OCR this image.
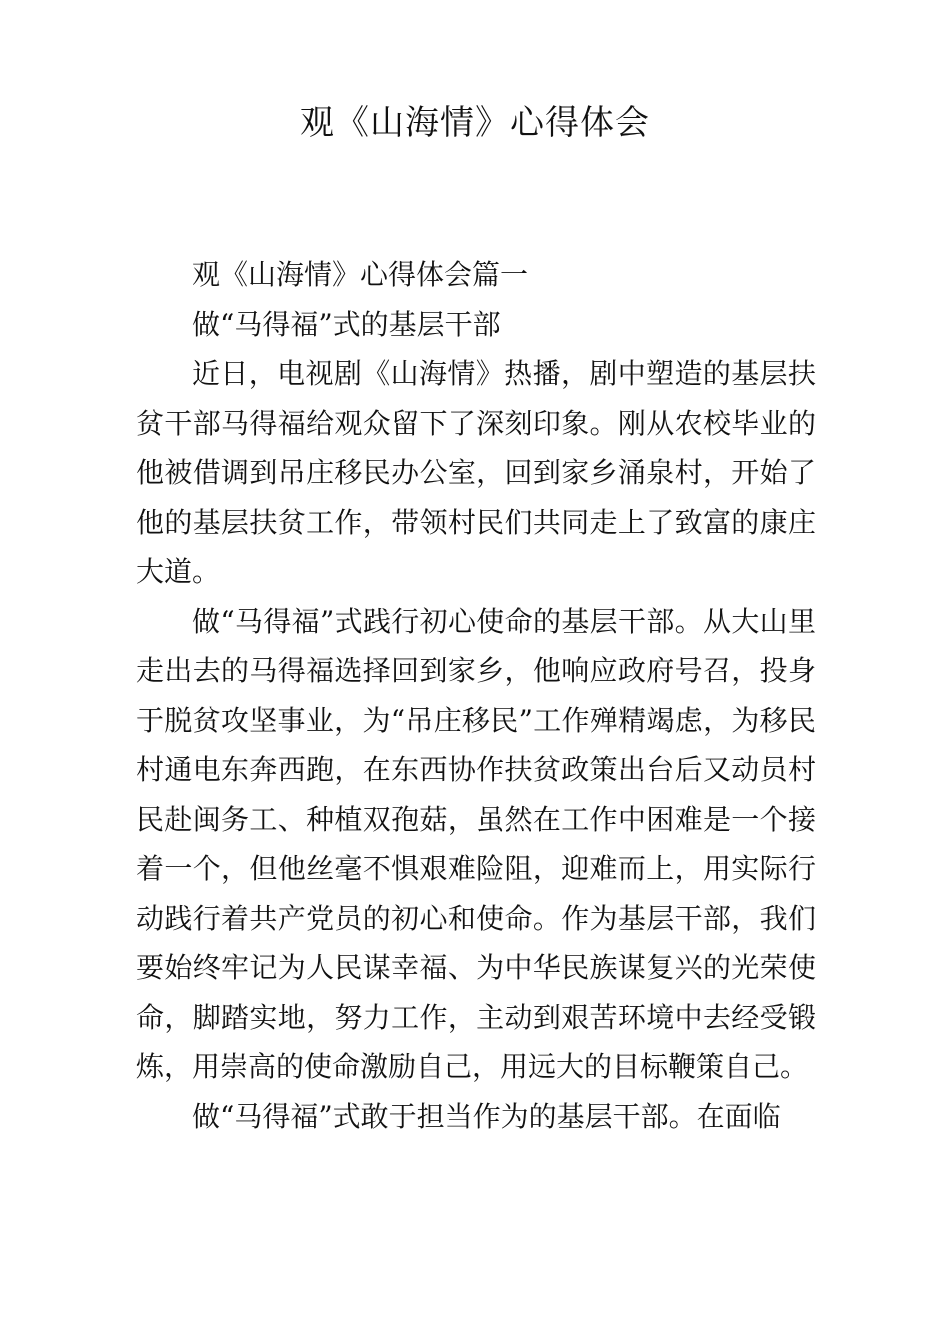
观《山海情》心得体会

观《山海情》心得体会篇一

做“马得福”式的基层干部

近日，电视剧《山海情》热播，剧中塑造的基层扶贫干部马得福给观众留下了深刻印象。刚从农校毕业的他被借调到吊庄移民办公室，回到家乡涌泉村，开始了他的基层扶贫工作，带领村民们共同走上了致富的康庄大道。

做“马得福”式践行初心使命的基层干部。从大山里走出去的马得福选择回到家乡，他响应政府号召，投身于脱贫攻坚事业，为“吊庄移民”工作殚精竭虑，为移民村通电东奔西跑，在东西协作扶贫政策出台后又动员村民赴闽务工、种植双孢菇，虽然在工作中困难是一个接着一个，但他丝毫不惧艰难险阻，迎难而上，用实际行动践行着共产党员的初心和使命。作为基层干部，我们要始终牢记为人民谋幸福、为中华民族谋复兴的光荣使命，脚踏实地，努力工作，主动到艰苦环境中去经受锻炼，用崇高的使命激励自己，用远大的目标鞭策自己。

做“马得福”式敢于担当作为的基层干部。在面临
